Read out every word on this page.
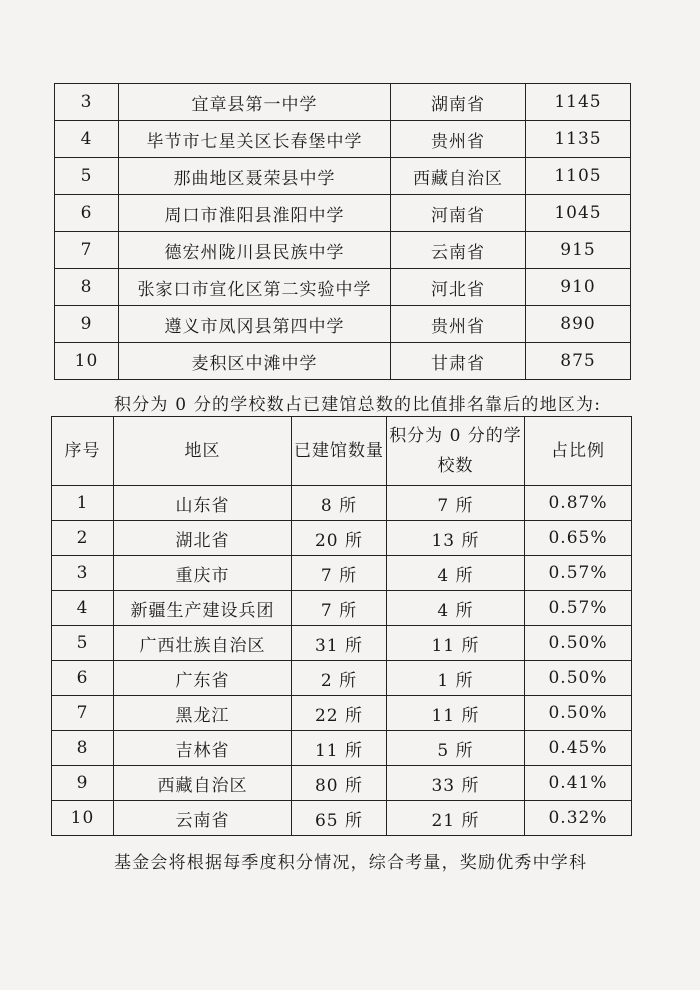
3	宜章县第一中学	湖南省	1145
4	毕节市七星关区长春堡中学	贵州省	1135
5	那曲地区聂荣县中学	西藏自治区	1105
6	周口市淮阳县淮阳中学	河南省	1045
7	德宏州陇川县民族中学	云南省	915
8	张家口市宣化区第二实验中学	河北省	910
9	遵义市凤冈县第四中学	贵州省	890
10	麦积区中滩中学	甘肃省	875
积分为 0 分的学校数占已建馆总数的比值排名靠后的地区为:
序号	地区	已建馆数量	积分为 0 分的学校数	占比例
1	山东省	8 所	7 所	0.87%
2	湖北省	20 所	13 所	0.65%
3	重庆市	7 所	4 所	0.57%
4	新疆生产建设兵团	7 所	4 所	0.57%
5	广西壮族自治区	31 所	11 所	0.50%
6	广东省	2 所	1 所	0.50%
7	黑龙江	22 所	11 所	0.50%
8	吉林省	11 所	5 所	0.45%
9	西藏自治区	80 所	33 所	0.41%
10	云南省	65 所	21 所	0.32%
基金会将根据每季度积分情况，综合考量，奖励优秀中学科
